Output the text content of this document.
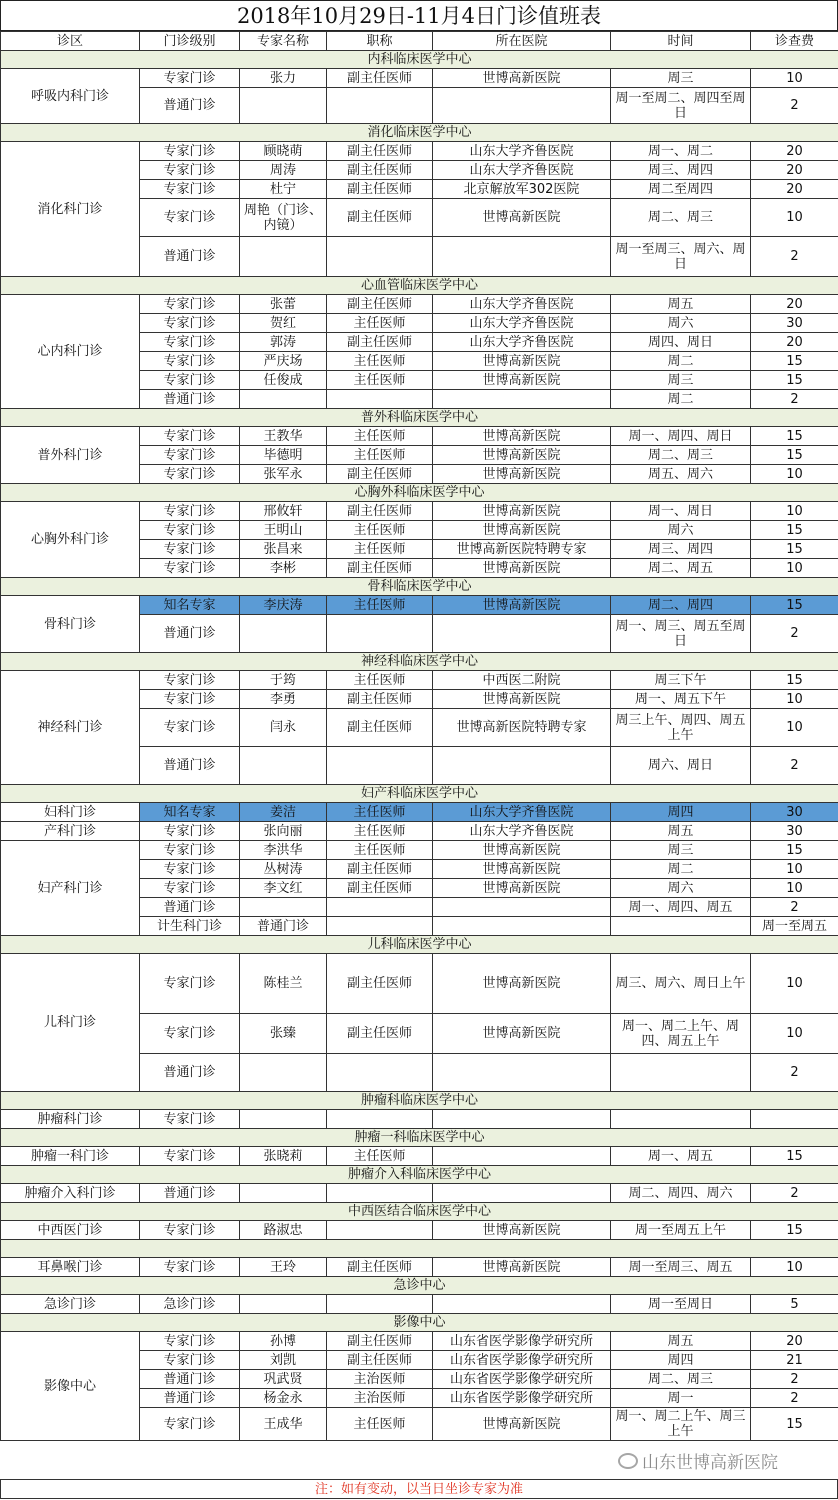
2018年10月29日-11月4日门诊值班表
诊区	门诊级别	专家名称	职称	所在医院	时间	诊查费	
内科临床医学中心							
呼吸内科门诊	专家门诊	张力	副主任医师	世博高新医院	周三	10	
	普通门诊				周一至周二、周四至周日	2	
消化临床医学中心							
消化科门诊	专家门诊	顾晓萌	副主任医师	山东大学齐鲁医院	周一、周二	20	
	专家门诊	周涛	副主任医师	山东大学齐鲁医院	周三、周四	20	
	专家门诊	杜宁	副主任医师	北京解放军302医院	周二至周四	20	
	专家门诊	周艳（门诊、内镜）	副主任医师	世博高新医院	周二、周三	10	
	普通门诊				周一至周三、周六、周日	2	
心血管临床医学中心							
心内科门诊	专家门诊	张蕾	副主任医师	山东大学齐鲁医院	周五	20	
	专家门诊	贺红	主任医师	山东大学齐鲁医院	周六	30	
	专家门诊	郭涛	副主任医师	山东大学齐鲁医院	周四、周日	20	
	专家门诊	严庆场	主任医师	世博高新医院	周二	15	
	专家门诊	任俊成	主任医师	世博高新医院	周三	15	
	普通门诊				周二	2	
普外科临床医学中心							
普外科门诊	专家门诊	王教华	主任医师	世博高新医院	周一、周四、周日	15	
	专家门诊	毕德明	主任医师	世博高新医院	周二、周三	15	
	专家门诊	张军永	副主任医师	世博高新医院	周五、周六	10	
心胸外科临床医学中心							
心胸外科门诊	专家门诊	邢攸轩	副主任医师	世博高新医院	周一、周日	10	
	专家门诊	王明山	主任医师	世博高新医院	周六	15	
	专家门诊	张昌来	主任医师	世博高新医院特聘专家	周三、周四	15	
	专家门诊	李彬	副主任医师	世博高新医院	周二、周五	10	
骨科临床医学中心							
骨科门诊	知名专家	李庆涛	主任医师	世博高新医院	周二、周四	15	
	普通门诊				周一、周三、周五至周日	2	
神经科临床医学中心							
神经科门诊	专家门诊	于筠	主任医师	中西医二附院	周三下午	15	
	专家门诊	李勇	副主任医师	世博高新医院	周一、周五下午	10	
	专家门诊	闫永	副主任医师	世博高新医院特聘专家	周三上午、周四、周五上午	10	
	普通门诊				周六、周日	2	
妇产科临床医学中心							
妇科门诊	知名专家	姜洁	主任医师	山东大学齐鲁医院	周四	30	
产科门诊	专家门诊	张向丽	主任医师	山东大学齐鲁医院	周五	30	
妇产科门诊	专家门诊	李洪华	主任医师	世博高新医院	周三	15	
	专家门诊	丛树涛	副主任医师	世博高新医院	周二	10	
	专家门诊	李文红	副主任医师	世博高新医院	周六	10	
	普通门诊				周一、周四、周五	2	
	计生科门诊	普通门诊				周一至周五	
儿科临床医学中心							
儿科门诊	专家门诊	陈桂兰	副主任医师	世博高新医院	周三、周六、周日上午	10	
	专家门诊	张臻	副主任医师	世博高新医院	周一、周二上午、周四、周五上午	10	
	普通门诊					2	
肿瘤科临床医学中心							
肿瘤科门诊	专家门诊						
肿瘤一科临床医学中心							
肿瘤一科门诊	专家门诊	张晓莉	主任医师		周一、周五	15	
肿瘤介入科临床医学中心							
肿瘤介入科门诊	普通门诊				周二、周四、周六	2	
中西医结合临床医学中心							
中西医门诊	专家门诊	路淑忠		世博高新医院	周一至周五上午	15	

耳鼻喉门诊	专家门诊	王玲	副主任医师	世博高新医院	周一至周三、周五	10	
急诊中心							
急诊门诊	急诊门诊				周一至周日	5	
影像中心							
影像中心	专家门诊	孙博	副主任医师	山东省医学影像学研究所	周五	20	
	专家门诊	刘凯	副主任医师	山东省医学影像学研究所	周四	21	
	普通门诊	巩武贤	主治医师	山东省医学影像学研究所	周二、周三	2	
	普通门诊	杨金永	主治医师	山东省医学影像学研究所	周一	2	
	专家门诊	王成华	主任医师	世博高新医院	周一、周二上午、周三上午	15	
注：如有变动，以当日坐诊专家为准
山东世博高新医院
